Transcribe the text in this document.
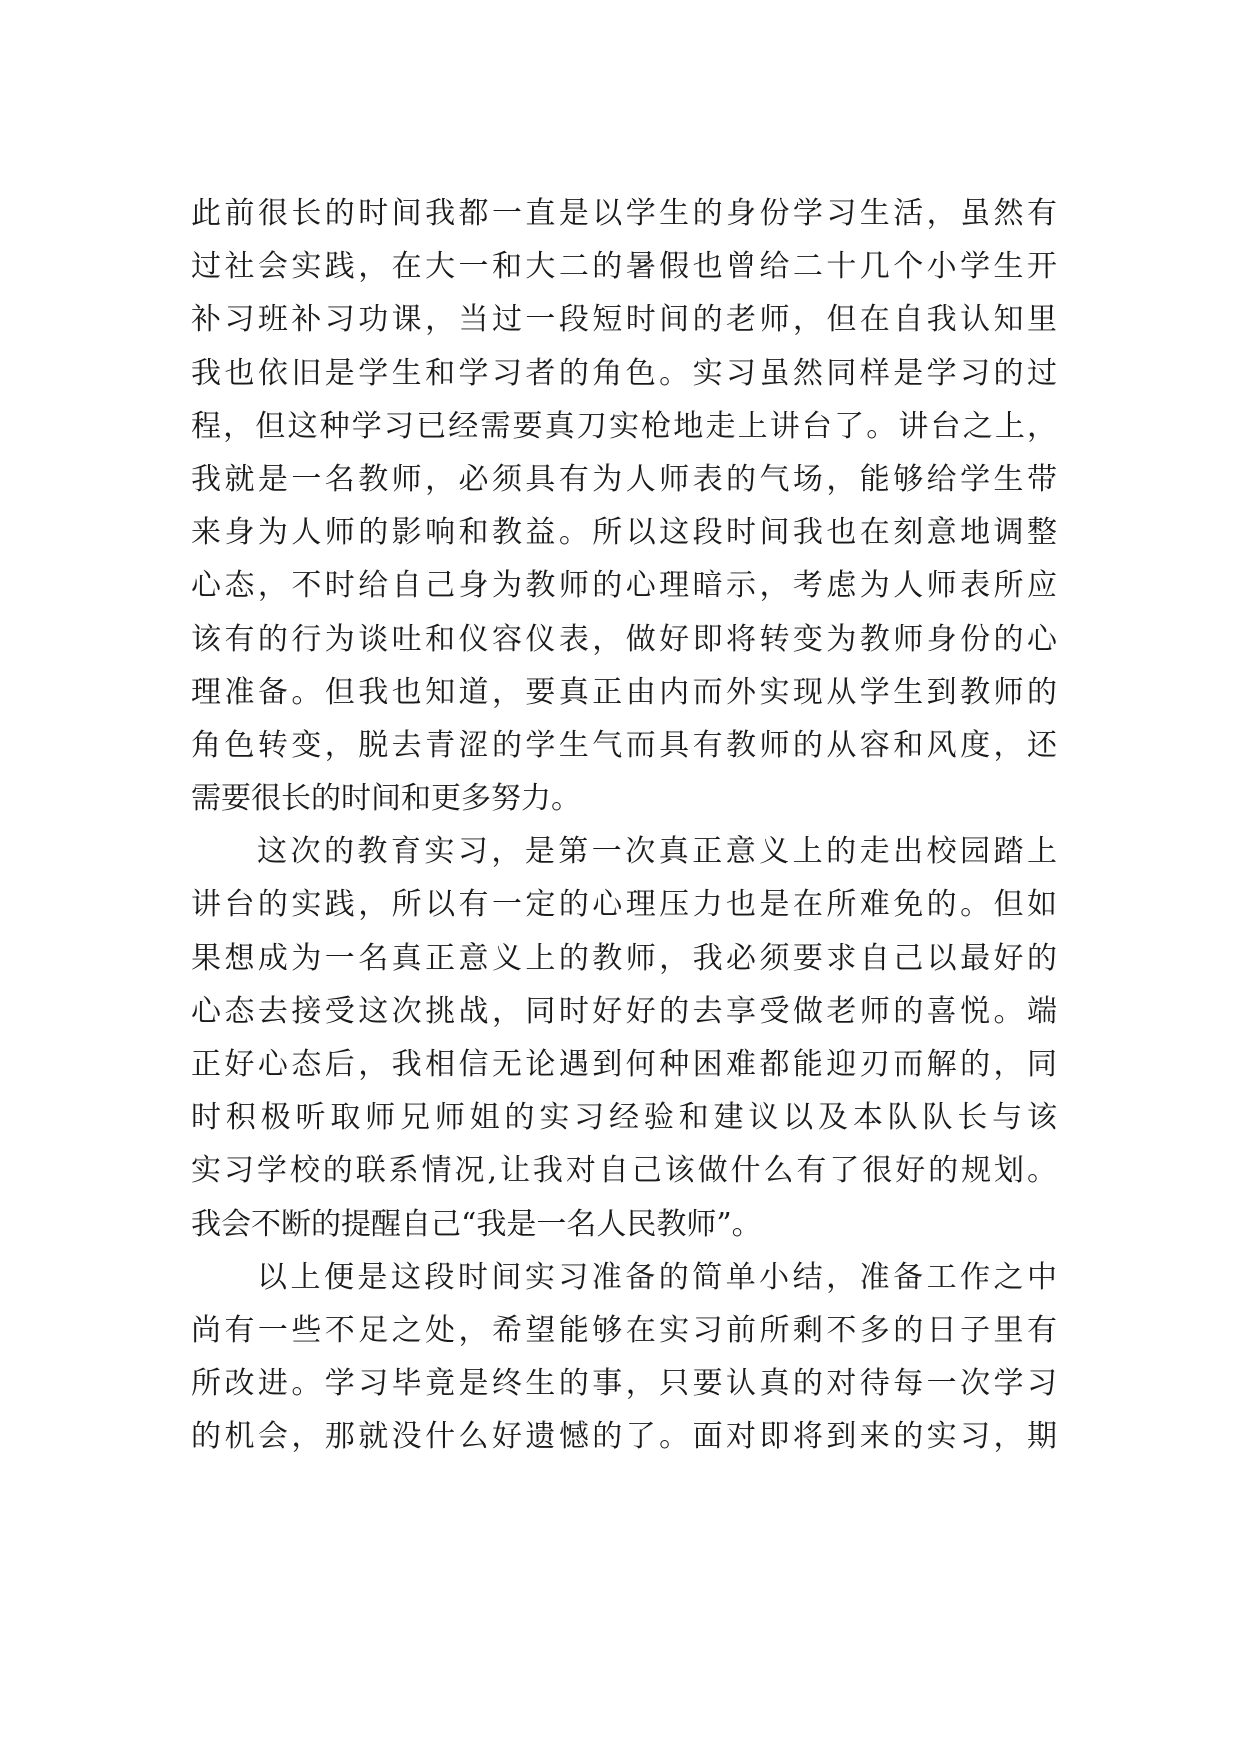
此前很长的时间我都一直是以学生的身份学习生活，虽然有
过社会实践，在大一和大二的暑假也曾给二十几个小学生开
补习班补习功课，当过一段短时间的老师，但在自我认知里
我也依旧是学生和学习者的角色。实习虽然同样是学习的过
程，但这种学习已经需要真刀实枪地走上讲台了。讲台之上，
我就是一名教师，必须具有为人师表的气场，能够给学生带
来身为人师的影响和教益。所以这段时间我也在刻意地调整
心态，不时给自己身为教师的心理暗示，考虑为人师表所应
该有的行为谈吐和仪容仪表，做好即将转变为教师身份的心
理准备。但我也知道，要真正由内而外实现从学生到教师的
角色转变，脱去青涩的学生气而具有教师的从容和风度，还
需要很长的时间和更多努力。
这次的教育实习，是第一次真正意义上的走出校园踏上
讲台的实践，所以有一定的心理压力也是在所难免的。但如
果想成为一名真正意义上的教师，我必须要求自己以最好的
心态去接受这次挑战，同时好好的去享受做老师的喜悦。端
正好心态后，我相信无论遇到何种困难都能迎刃而解的，同
时积极听取师兄师姐的实习经验和建议以及本队队长与该
实习学校的联系情况,让我对自己该做什么有了很好的规划。
我会不断的提醒自己“我是一名人民教师”。
以上便是这段时间实习准备的简单小结，准备工作之中
尚有一些不足之处，希望能够在实习前所剩不多的日子里有
所改进。学习毕竟是终生的事，只要认真的对待每一次学习
的机会，那就没什么好遗憾的了。面对即将到来的实习，期
